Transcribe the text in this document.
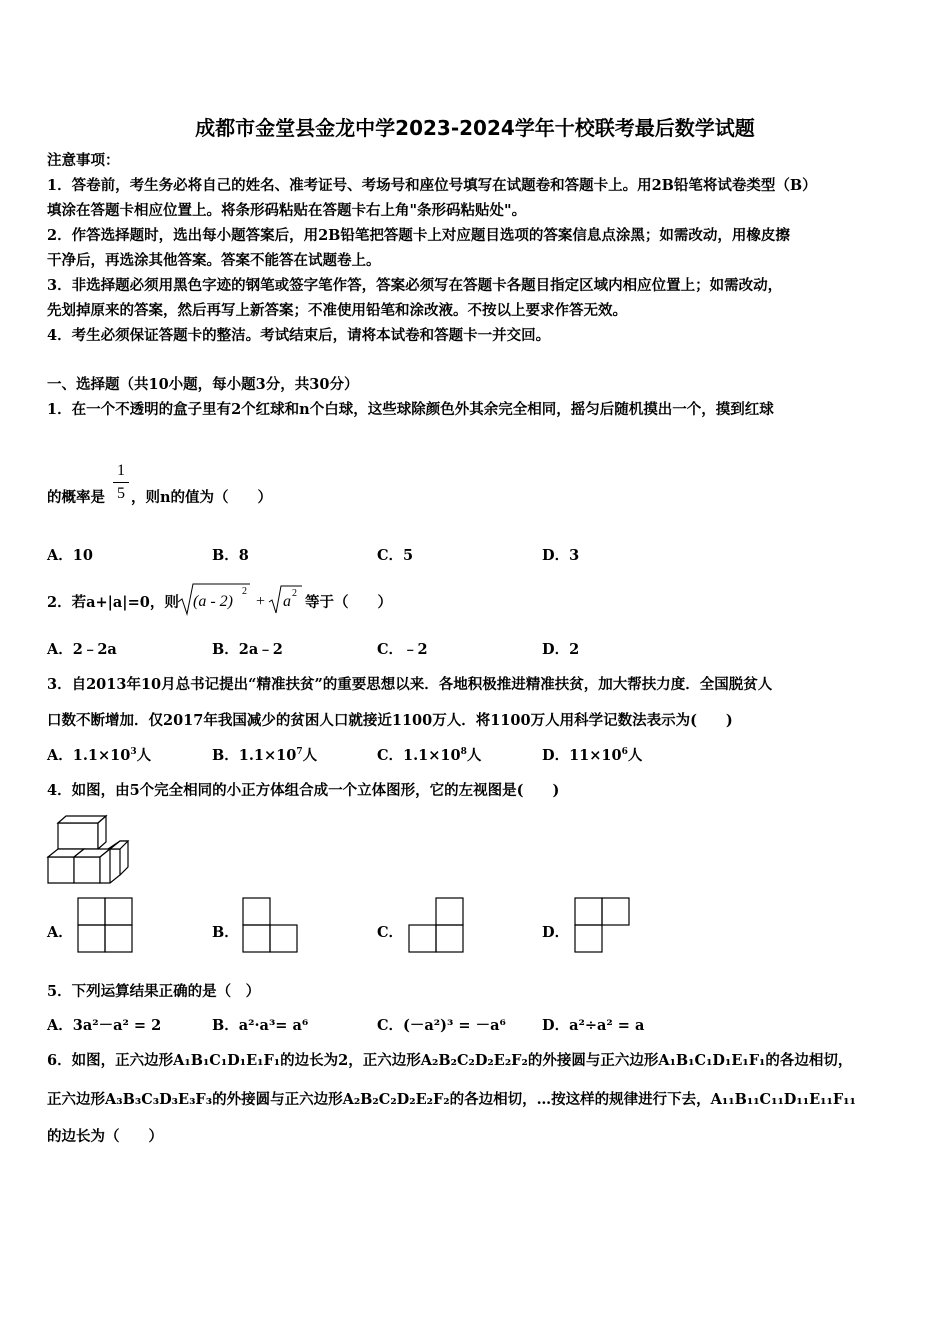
成都市金堂县金龙中学2023-2024学年十校联考最后数学试题
注意事项：
1．答卷前，考生务必将自己的姓名、准考证号、考场号和座位号填写在试题卷和答题卡上。用2B铅笔将试卷类型（B）
填涂在答题卡相应位置上。将条形码粘贴在答题卡右上角"条形码粘贴处"。
2．作答选择题时，选出每小题答案后，用2B铅笔把答题卡上对应题目选项的答案信息点涂黑；如需改动，用橡皮擦
干净后，再选涂其他答案。答案不能答在试题卷上。
3．非选择题必须用黑色字迹的钢笔或签字笔作答，答案必须写在答题卡各题目指定区域内相应位置上；如需改动，
先划掉原来的答案，然后再写上新答案；不准使用铅笔和涂改液。不按以上要求作答无效。
4．考生必须保证答题卡的整洁。考试结束后，请将本试卷和答题卡一并交回。
一、选择题（共10小题，每小题3分，共30分）
1．在一个不透明的盒子里有2个红球和n个白球，这些球除颜色外其余完全相同，摇匀后随机摸出一个，摸到红球
的概率是
1
5 ，则n的值为（　　）
A．10	B．8	C．5	D．3
2．若a+|a|=0，则 (a - 2)
2
+ a 2
等于（　　）
A．2﹣2a	B．2a﹣2	C．﹣2	D．2
3．自2013年10月总书记提出“精准扶贫”的重要思想以来．各地积极推进精准扶贫，加大帮扶力度．全国脱贫人
口数不断增加．仅2017年我国减少的贫困人口就接近1100万人．将1100万人用科学记数法表示为(　　)
A．$1.1\times 10^3$人	B．$1.1\times 10^7$人	C．$1.1\times 10^8$人	D．$11\times 10^6$人
4．如图，由5个完全相同的小正方体组合成一个立体图形，它的左视图是(　　)
A．	B．	C．	D．
5．下列运算结果正确的是（　）
A．3a²－a² = 2	B．a²·a³= a⁶	C．(－a²)³ = －a⁶ D．a²÷a² = a
6．如图，正六边形A₁B₁C₁D₁E₁F₁的边长为2，正六边形A₂B₂C₂D₂E₂F₂的外接圆与正六边形A₁B₁C₁D₁E₁F₁的各边相切，
正六边形A₃B₃C₃D₃E₃F₃的外接圆与正六边形A₂B₂C₂D₂E₂F₂的各边相切，…按这样的规律进行下去，A₁₁B₁₁C₁₁D₁₁E₁₁F₁₁
的边长为（　　）
